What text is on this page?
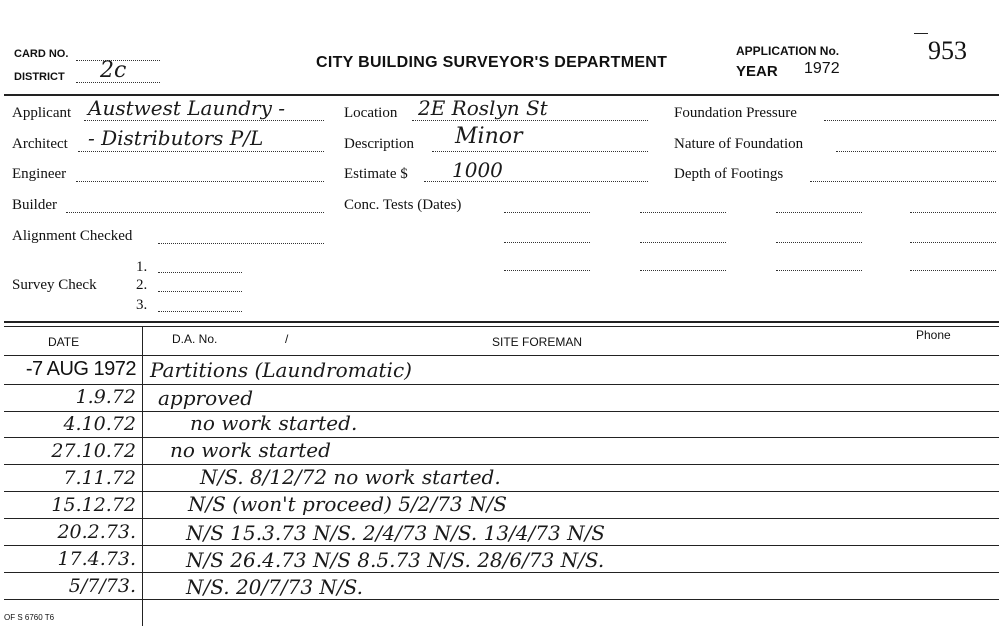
CARD NO.
DISTRICT 2c	CITY BUILDING SURVEYOR'S DEPARTMENT
APPLICATION No.
YEAR 1972
953
Applicant Austwest Laundry -
Architect - Distributors P/L
Engineer
Builder
Alignment Checked
Survey Check
1.
2.
3.
Location 2E Roslyn St
Description Minor
Estimate $ 1000
Conc. Tests (Dates)
Foundation Pressure
Nature of Foundation
Depth of Footings
DATE	D.A. No.	/	SITE FOREMAN	Phone
-7 AUG 1972 Partitions (Laundromatic)
1.9.72 approved
4.10.72	no work started.
27.10.72 no work started
7.11.72	N/S. 8/12/72 no work started.
15.12.72	N/S (won't proceed) 5/2/73 N/S
20.2.73.	N/S 15.3.73 N/S. 2/4/73 N/S. 13/4/73 N/S
17.4.73.	N/S 26.4.73 N/S 8.5.73 N/S. 28/6/73 N/S.
5/7/73.	N/S. 20/7/73 N/S.
OF S 6760 T6
